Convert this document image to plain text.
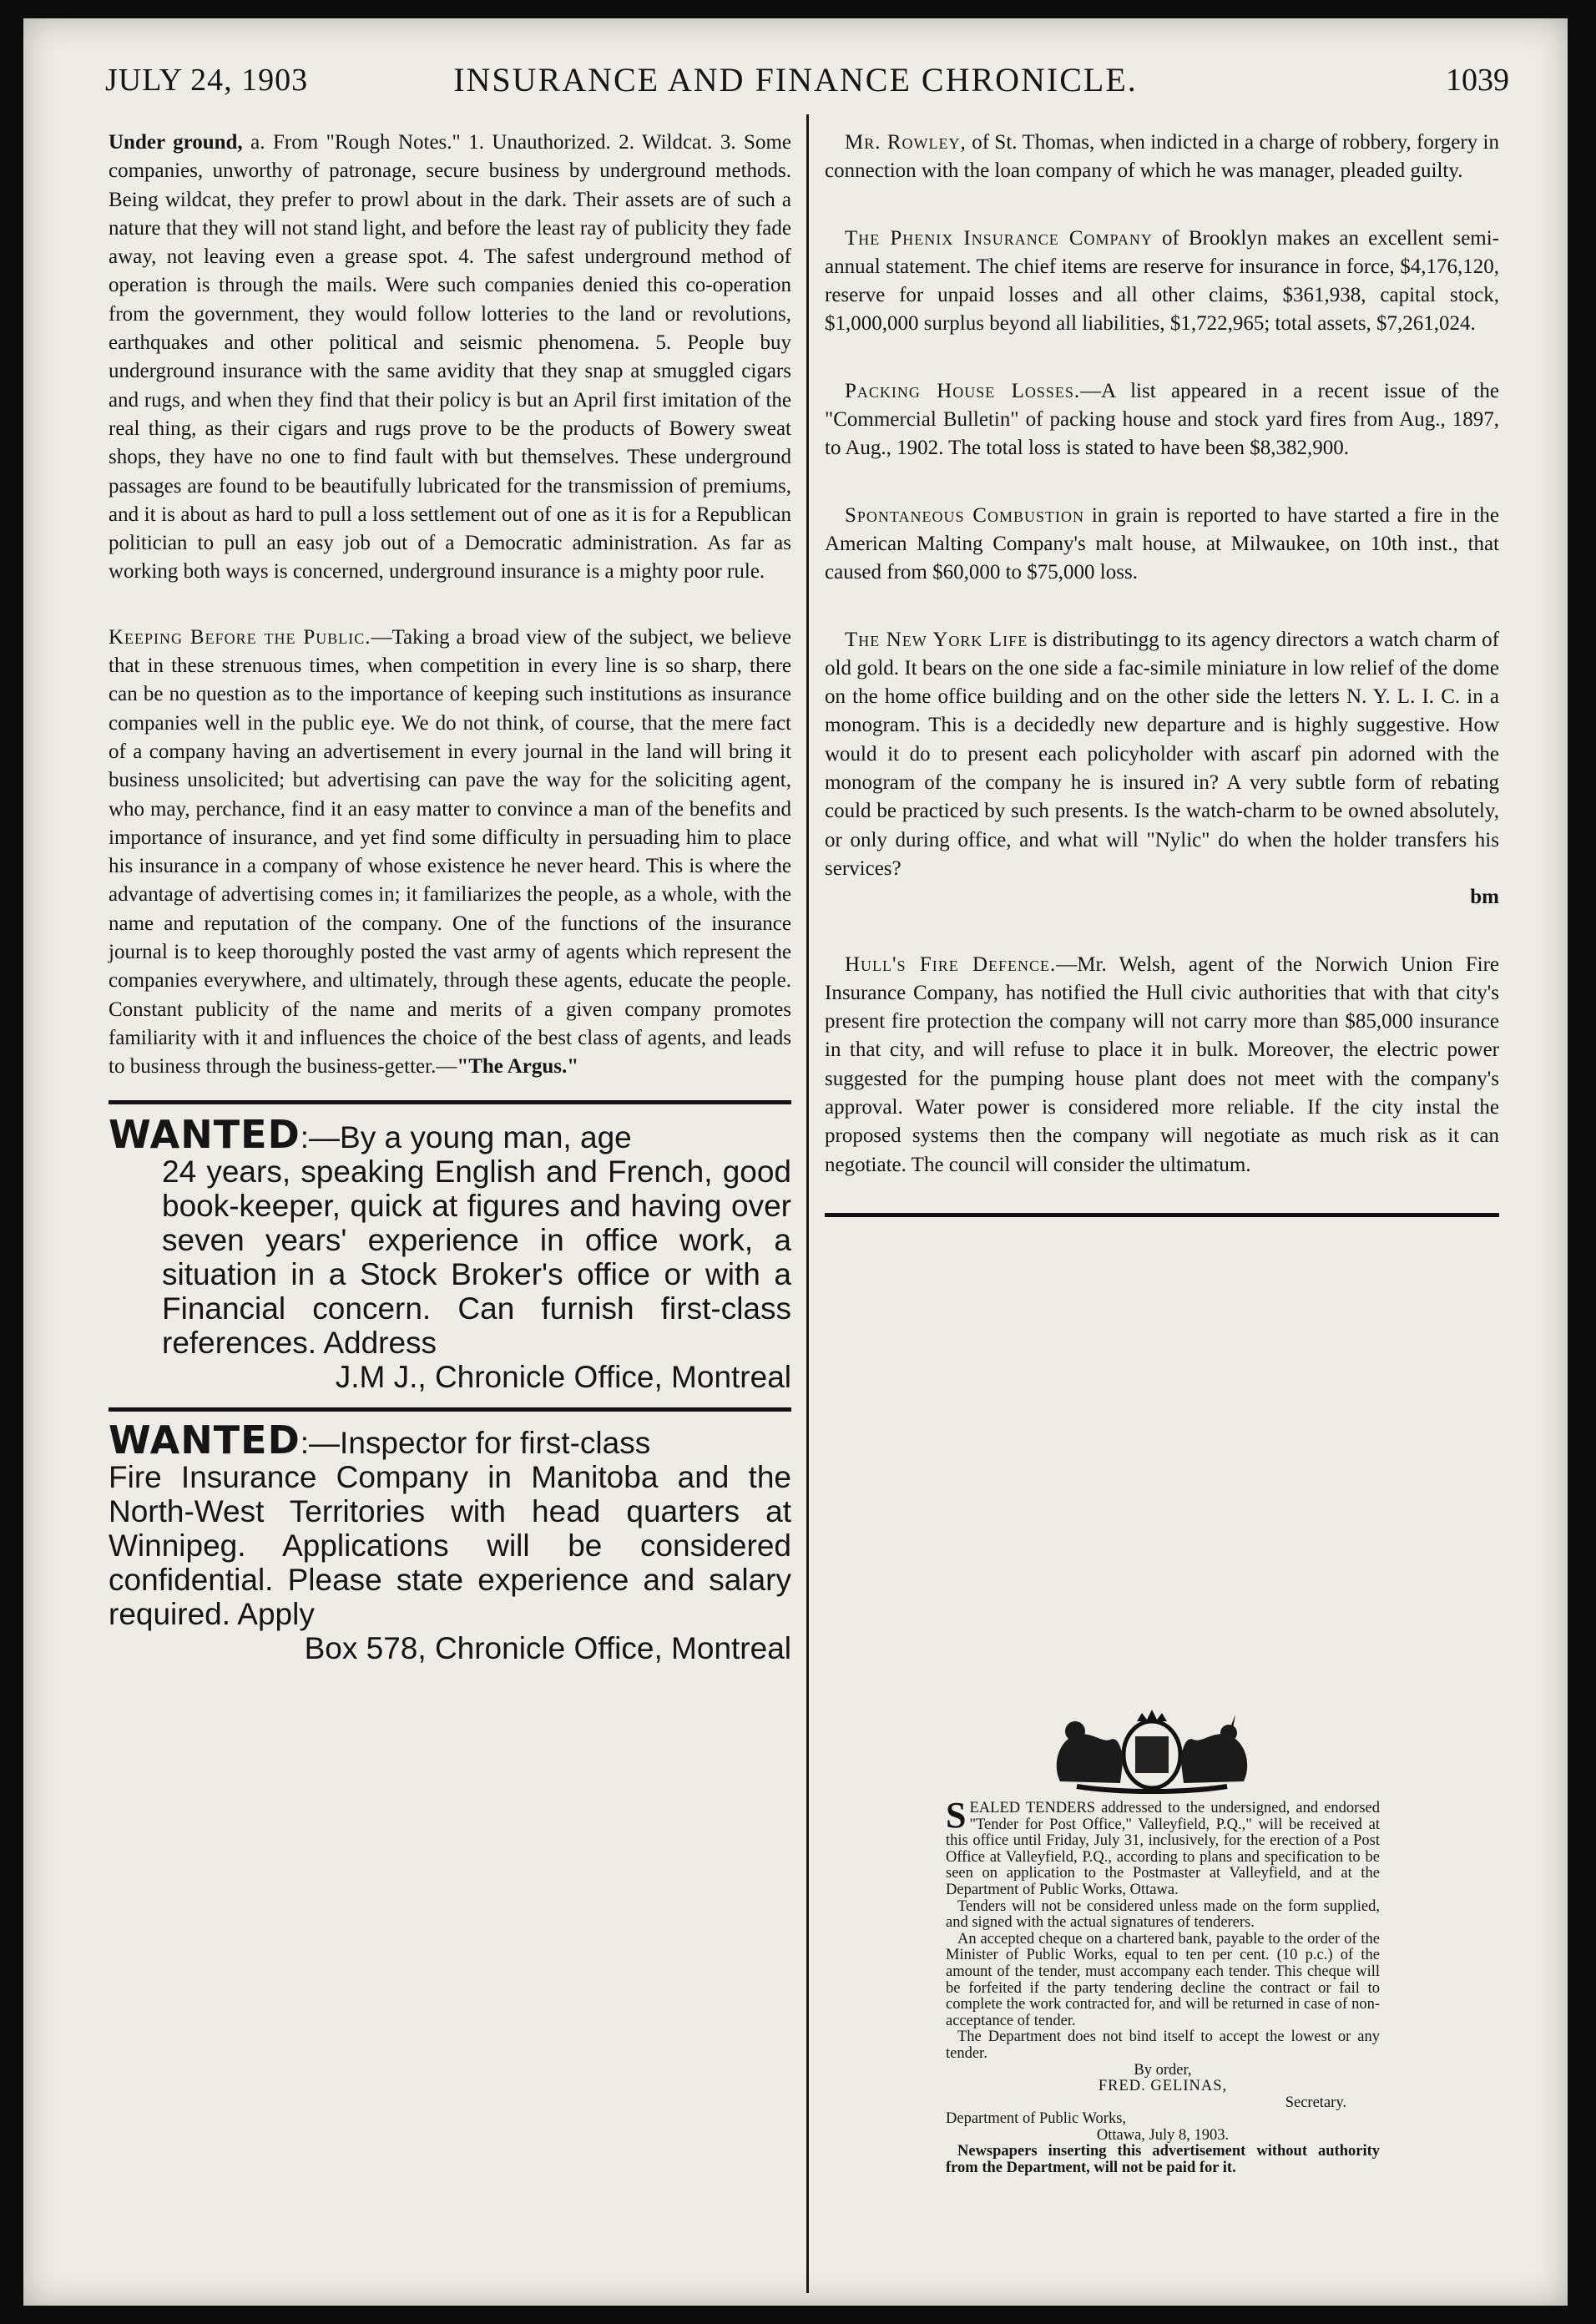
JULY 24, 1903	INSURANCE AND FINANCE CHRONICLE.	1039

Under ground, a. From "Rough Notes." 1. Unauthorized. 2. Wildcat. 3. Some companies, unworthy of patronage, secure business by underground methods. Being wildcat, they prefer to prowl about in the dark. Their assets are of such a nature that they will not stand light, and before the least ray of publicity they fade away, not leaving even a grease spot. 4. The safest underground method of operation is through the mails. Were such companies denied this co-operation from the government, they would follow lotteries to the land or revolutions, earthquakes and other political and seismic phenomena. 5. People buy underground insurance with the same avidity that they snap at smuggled cigars and rugs, and when they find that their policy is but an April first imitation of the real thing, as their cigars and rugs prove to be the products of Bowery sweat shops, they have no one to find fault with but themselves. These underground passages are found to be beautifully lubricated for the transmission of premiums, and it is about as hard to pull a loss settlement out of one as it is for a Republican politician to pull an easy job out of a Democratic administration. As far as working both ways is concerned, underground insurance is a mighty poor rule.

Keeping Before the Public.—Taking a broad view of the subject, we believe that in these strenuous times, when competition in every line is so sharp, there can be no question as to the importance of keeping such institutions as insurance companies well in the public eye. We do not think, of course, that the mere fact of a company having an advertisement in every journal in the land will bring it business unsolicited; but advertising can pave the way for the soliciting agent, who may, perchance, find it an easy matter to convince a man of the benefits and importance of insurance, and yet find some difficulty in persuading him to place his insurance in a company of whose existence he never heard. This is where the advantage of advertising comes in; it familiarizes the people, as a whole, with the name and reputation of the company. One of the functions of the insurance journal is to keep thoroughly posted the vast army of agents which represent the companies everywhere, and ultimately, through these agents, educate the people. Constant publicity of the name and merits of a given company promotes familiarity with it and influences the choice of the best class of agents, and leads to business through the business-getter.—"The Argus."

WANTED:—By a young man, age
24 years, speaking English and French, good book-keeper, quick at figures and having over seven years' experience in office work, a situation in a Stock Broker's office or with a Financial concern. Can furnish first-class references. Address
J.M J., Chronicle Office, Montreal

WANTED:—Inspector for first-class
Fire Insurance Company in Manitoba and the North-West Territories with head quarters at Winnipeg. Applications will be considered confidential. Please state experience and salary required. Apply
Box 578, Chronicle Office, Montreal

Mr. Rowley, of St. Thomas, when indicted in a charge of robbery, forgery in connection with the loan company of which he was manager, pleaded guilty.

The Phenix Insurance Company of Brooklyn makes an excellent semi-annual statement. The chief items are reserve for insurance in force, $4,176,120, reserve for unpaid losses and all other claims, $361,938, capital stock, $1,000,000 surplus beyond all liabilities, $1,722,965; total assets, $7,261,024.

Packing House Losses.—A list appeared in a recent issue of the "Commercial Bulletin" of packing house and stock yard fires from Aug., 1897, to Aug., 1902. The total loss is stated to have been $8,382,900.

Spontaneous Combustion in grain is reported to have started a fire in the American Malting Company's malt house, at Milwaukee, on 10th inst., that caused from $60,000 to $75,000 loss.

The New York Life is distributingg to its agency directors a watch charm of old gold. It bears on the one side a fac-simile miniature in low relief of the dome on the home office building and on the other side the letters N. Y. L. I. C. in a monogram. This is a decidedly new departure and is highly suggestive. How would it do to present each policyholder with ascarf pin adorned with the monogram of the company he is insured in? A very subtle form of rebating could be practiced by such presents. Is the watch-charm to be owned absolutely, or only during office, and what will "Nylic" do when the holder transfers his services?

bm

Hull's Fire Defence.—Mr. Welsh, agent of the Norwich Union Fire Insurance Company, has notified the Hull civic authorities that with that city's present fire protection the company will not carry more than $85,000 insurance in that city, and will refuse to place it in bulk. Moreover, the electric power suggested for the pumping house plant does not meet with the company's approval. Water power is considered more reliable. If the city instal the proposed systems then the company will negotiate as much risk as it can negotiate. The council will consider the ultimatum.

SEALED TENDERS addressed to the undersigned, and endorsed "Tender for Post Office," Valleyfield, P.Q.," will be received at this office until Friday, July 31, inclusively, for the erection of a Post Office at Valleyfield, P.Q., according to plans and specification to be seen on application to the Postmaster at Valleyfield, and at the Department of Public Works, Ottawa.

Tenders will not be considered unless made on the form supplied, and signed with the actual signatures of tenderers.

An accepted cheque on a chartered bank, payable to the order of the Minister of Public Works, equal to ten per cent. (10 p.c.) of the amount of the tender, must accompany each tender. This cheque will be forfeited if the party tendering decline the contract or fail to complete the work contracted for, and will be returned in case of non-acceptance of tender.

The Department does not bind itself to accept the lowest or any tender.

By order,

FRED. GELINAS,

Secretary.

Department of Public Works,

Ottawa, July 8, 1903.

Newspapers inserting this advertisement without authority from the Department, will not be paid for it.
